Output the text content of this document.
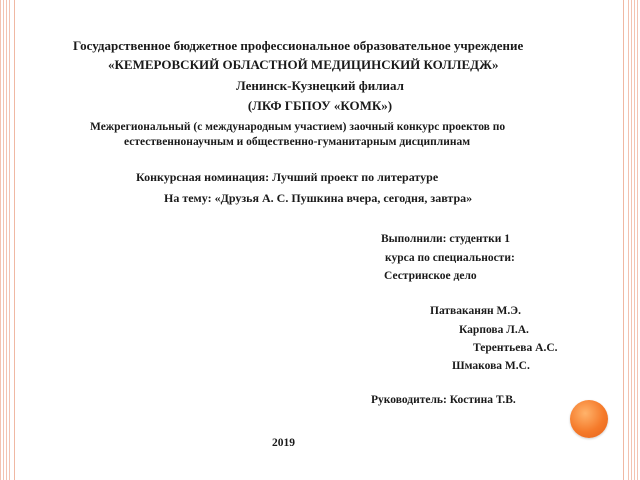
Государственное бюджетное профессиональное образовательное учреждение
«КЕМЕРОВСКИЙ ОБЛАСТНОЙ МЕДИЦИНСКИЙ КОЛЛЕДЖ»
Ленинск-Кузнецкий филиал
(ЛКФ ГБПОУ «КОМК»)
Межрегиональный (с международным участием) заочный конкурс проектов по
естественнонаучным и общественно-гуманитарным дисциплинам
Конкурсная номинация: Лучший проект по литературе
На тему: «Друзья А. С. Пушкина вчера, сегодня, завтра»
Выполнили: студентки 1
курса по специальности:
Сестринское дело
Патваканян М.Э.
Карпова Л.А.
Терентьева А.С.
Шмакова М.С.
Руководитель: Костина Т.В.
2019
